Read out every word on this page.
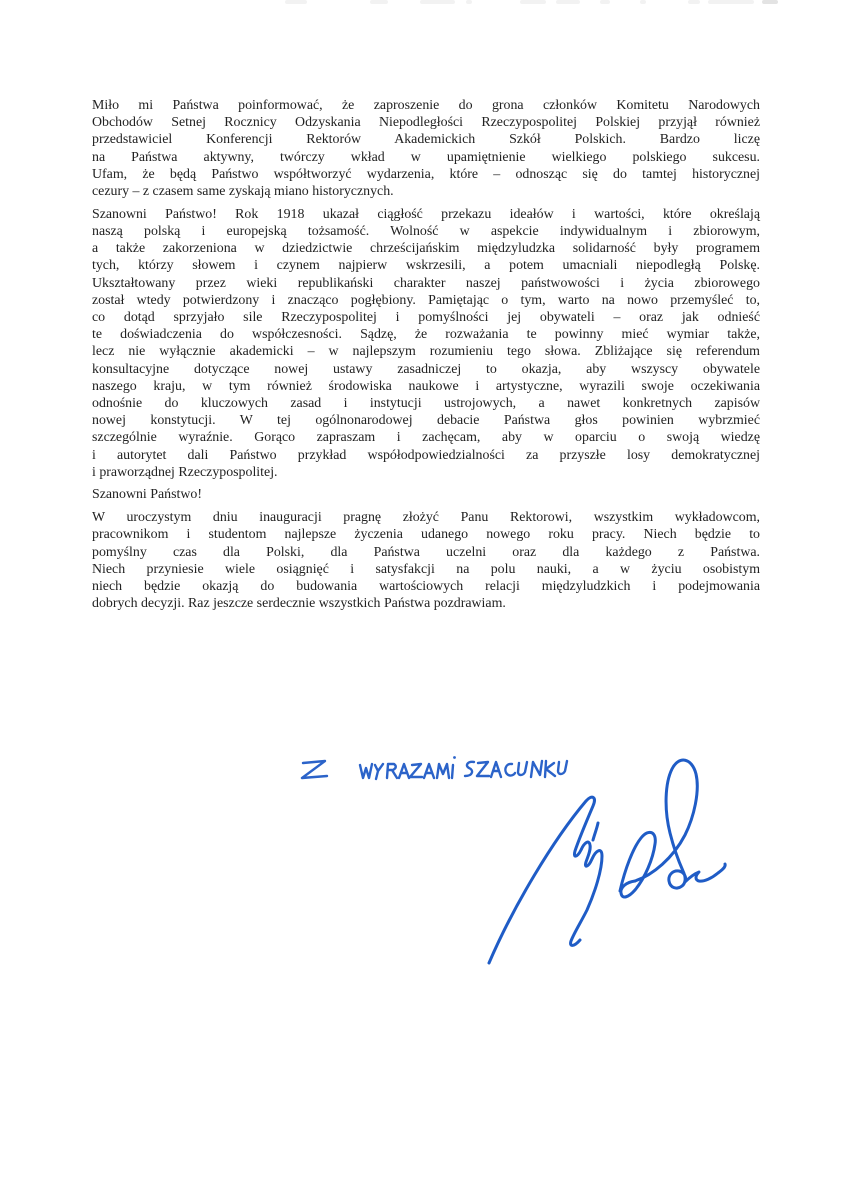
Miło mi Państwa poinformować, że zaproszenie do grona członków Komitetu Narodowych
Obchodów Setnej Rocznicy Odzyskania Niepodległości Rzeczypospolitej Polskiej przyjął również
przedstawiciel Konferencji Rektorów Akademickich Szkół Polskich. Bardzo liczę
na Państwa aktywny, twórczy wkład w upamiętnienie wielkiego polskiego sukcesu.
Ufam, że będą Państwo współtworzyć wydarzenia, które – odnosząc się do tamtej historycznej
cezury – z czasem same zyskają miano historycznych.

Szanowni Państwo! Rok 1918 ukazał ciągłość przekazu ideałów i wartości, które określają
naszą polską i europejską tożsamość. Wolność w aspekcie indywidualnym i zbiorowym,
a także zakorzeniona w dziedzictwie chrześcijańskim międzyludzka solidarność były programem
tych, którzy słowem i czynem najpierw wskrzesili, a potem umacniali niepodległą Polskę.
Ukształtowany przez wieki republikański charakter naszej państwowości i życia zbiorowego
został wtedy potwierdzony i znacząco pogłębiony. Pamiętając o tym, warto na nowo przemyśleć to,
co dotąd sprzyjało sile Rzeczypospolitej i pomyślności jej obywateli – oraz jak odnieść
te doświadczenia do współczesności. Sądzę, że rozważania te powinny mieć wymiar także,
lecz nie wyłącznie akademicki – w najlepszym rozumieniu tego słowa. Zbliżające się referendum
konsultacyjne dotyczące nowej ustawy zasadniczej to okazja, aby wszyscy obywatele
naszego kraju, w tym również środowiska naukowe i artystyczne, wyrazili swoje oczekiwania
odnośnie do kluczowych zasad i instytucji ustrojowych, a nawet konkretnych zapisów
nowej konstytucji. W tej ogólnonarodowej debacie Państwa głos powinien wybrzmieć
szczególnie wyraźnie. Gorąco zapraszam i zachęcam, aby w oparciu o swoją wiedzę
i autorytet dali Państwo przykład współodpowiedzialności za przyszłe losy demokratycznej
i praworządnej Rzeczypospolitej.

Szanowni Państwo!

W uroczystym dniu inauguracji pragnę złożyć Panu Rektorowi, wszystkim wykładowcom,
pracownikom i studentom najlepsze życzenia udanego nowego roku pracy. Niech będzie to
pomyślny czas dla Polski, dla Państwa uczelni oraz dla każdego z Państwa.
Niech przyniesie wiele osiągnięć i satysfakcji na polu nauki, a w życiu osobistym
niech będzie okazją do budowania wartościowych relacji międzyludzkich i podejmowania
dobrych decyzji. Raz jeszcze serdecznie wszystkich Państwa pozdrawiam.
